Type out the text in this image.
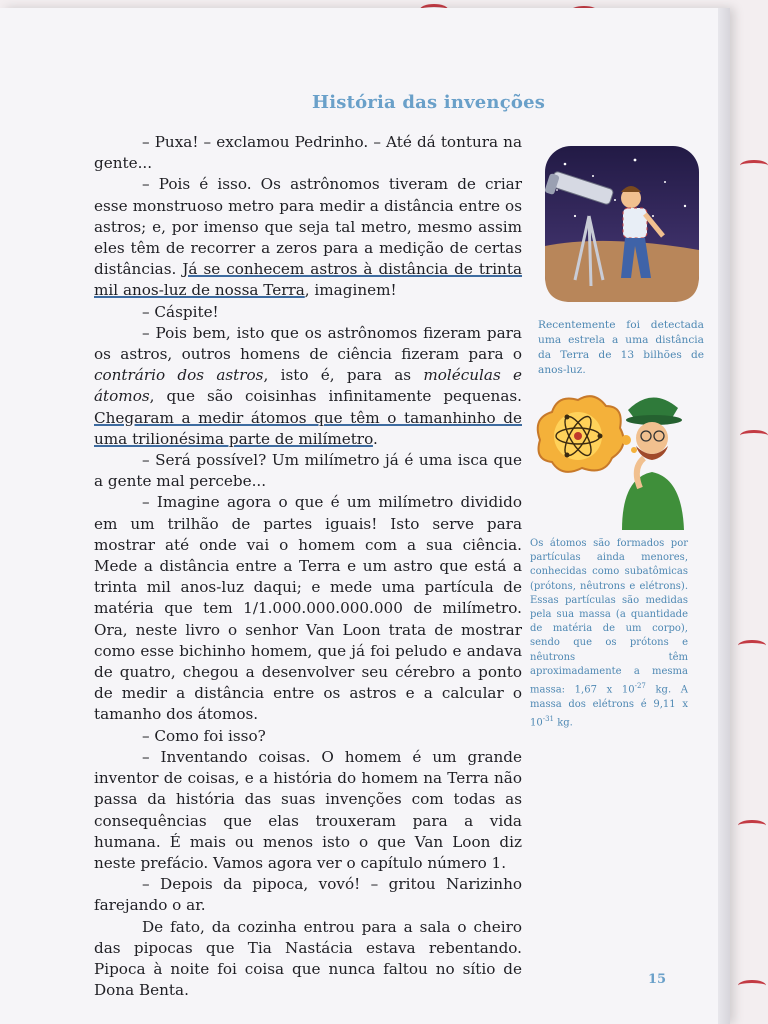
História das invenções

– Puxa! – exclamou Pedrinho. – Até dá tontura na gente...

– Pois é isso. Os astrônomos tiveram de criar esse monstruoso metro para medir a distância entre os astros; e, por imenso que seja tal metro, mesmo assim eles têm de recorrer a zeros para a medição de certas distâncias. Já se conhecem astros à distância de trinta mil anos-luz de nossa Terra, imaginem!

– Cáspite!

– Pois bem, isto que os astrônomos fizeram para os astros, outros homens de ciência fizeram para o contrário dos astros, isto é, para as moléculas e átomos, que são coisinhas infinitamente pequenas. Chegaram a medir átomos que têm o tamanhinho de uma trilionésima parte de milímetro.

– Será possível? Um milímetro já é uma isca que a gente mal percebe...

– Imagine agora o que é um milímetro dividido em um trilhão de partes iguais! Isto serve para mostrar até onde vai o homem com a sua ciência. Mede a distância entre a Terra e um astro que está a trinta mil anos-luz daqui; e mede uma partícula de matéria que tem 1/1.000.000.000.000 de milímetro. Ora, neste livro o senhor Van Loon trata de mostrar como esse bichinho homem, que já foi peludo e andava de quatro, chegou a desenvolver seu cérebro a ponto de medir a distância entre os astros e a calcular o tamanho dos átomos.

– Como foi isso?

– Inventando coisas. O homem é um grande inventor de coisas, e a história do homem na Terra não passa da história das suas invenções com todas as consequências que elas trouxeram para a vida humana. É mais ou menos isto o que Van Loon diz neste prefácio. Vamos agora ver o capítulo número 1.

– Depois da pipoca, vovó! – gritou Narizinho farejando o ar.

De fato, da cozinha entrou para a sala o cheiro das pipocas que Tia Nastácia estava rebentando. Pipoca à noite foi coisa que nunca faltou no sítio de Dona Benta.

Recentemente foi detectada uma estrela a uma distância da Terra de 13 bilhões de anos-luz.
Os átomos são formados por partículas ainda menores, conhecidas como subatômicas (prótons, nêutrons e elétrons). Essas partículas são medidas pela sua massa (a quantidade de matéria de um corpo), sendo que os prótons e nêutrons têm aproximadamente a mesma massa: 1,67 x $10^{-27}$ kg. A massa dos elétrons é 9,11 x $10^{-31}$ kg.
15
